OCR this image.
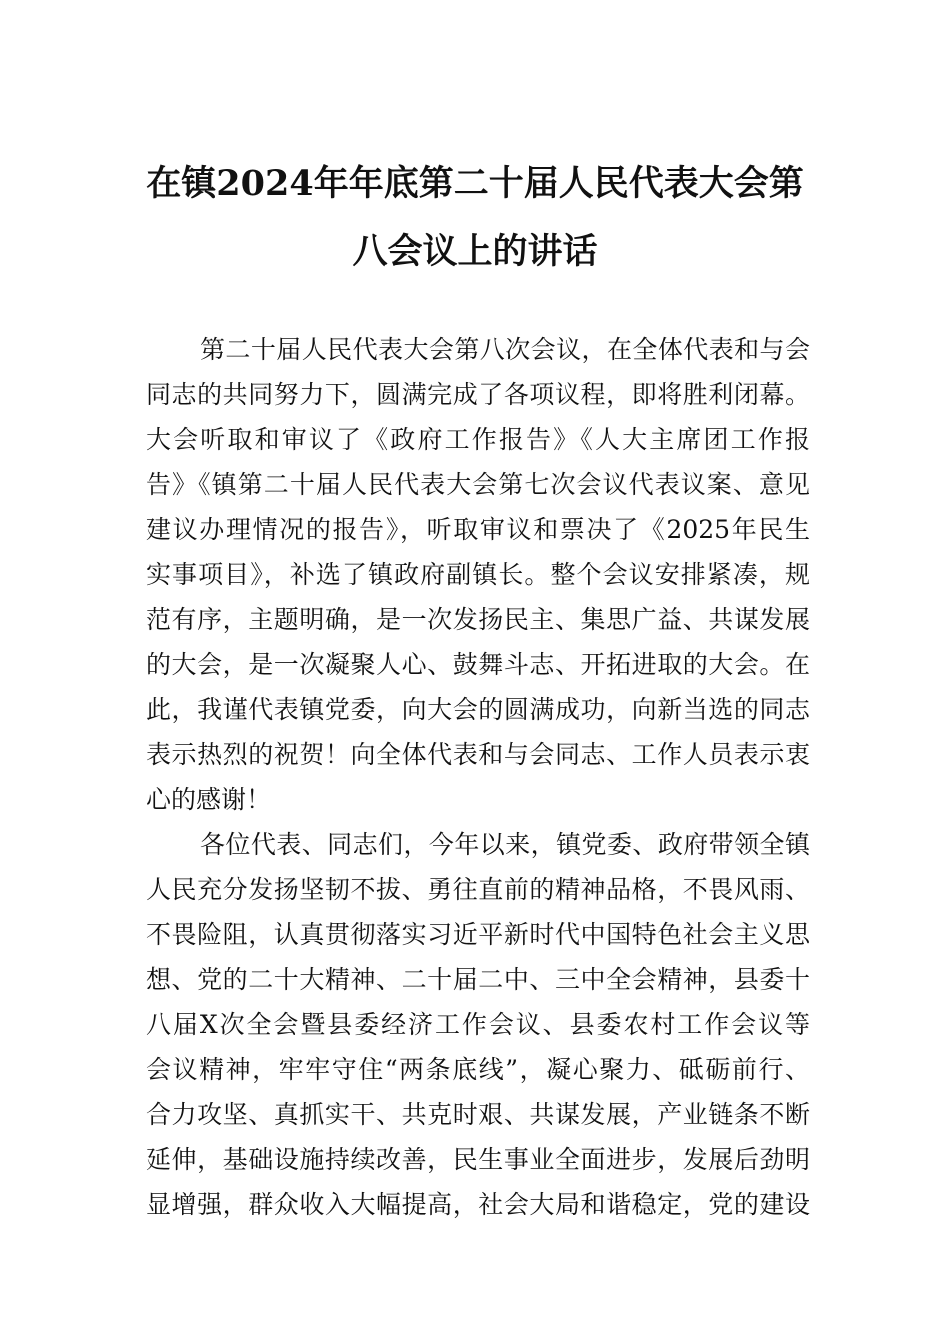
在镇2024年年底第二十届人民代表大会第
八会议上的讲话
第二十届人民代表大会第八次会议，在全体代表和与会
同志的共同努力下，圆满完成了各项议程，即将胜利闭幕。
大会听取和审议了《政府工作报告》《人大主席团工作报
告》《镇第二十届人民代表大会第七次会议代表议案、意见
建议办理情况的报告》，听取审议和票决了《2025年民生
实事项目》，补选了镇政府副镇长。整个会议安排紧凑，规
范有序，主题明确，是一次发扬民主、集思广益、共谋发展
的大会，是一次凝聚人心、鼓舞斗志、开拓进取的大会。在
此，我谨代表镇党委，向大会的圆满成功，向新当选的同志
表示热烈的祝贺！向全体代表和与会同志、工作人员表示衷
心的感谢！
各位代表、同志们，今年以来，镇党委、政府带领全镇
人民充分发扬坚韧不拔、勇往直前的精神品格，不畏风雨、
不畏险阻，认真贯彻落实习近平新时代中国特色社会主义思
想、党的二十大精神、二十届二中、三中全会精神，县委十
八届X次全会暨县委经济工作会议、县委农村工作会议等
会议精神，牢牢守住“两条底线”，凝心聚力、砥砺前行、
合力攻坚、真抓实干、共克时艰、共谋发展，产业链条不断
延伸，基础设施持续改善，民生事业全面进步，发展后劲明
显增强，群众收入大幅提高，社会大局和谐稳定，党的建设
